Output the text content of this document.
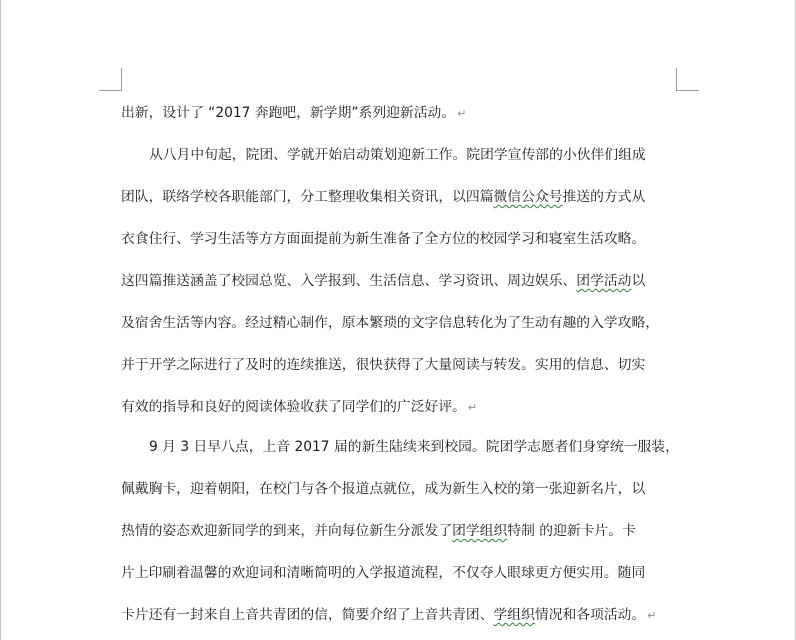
出新，设计了 “2017 奔跑吧，新学期”系列迎新活动。 ↵
从八月中旬起，院团、学就开始启动策划迎新工作。院团学宣传部的小伙伴们组成
团队，联络学校各职能部门，分工整理收集相关资讯，以四篇微信公众号推送的方式从
衣食住行、学习生活等方方面面提前为新生准备了全方位的校园学习和寝室生活攻略。
这四篇推送涵盖了校园总览、入学报到、生活信息、学习资讯、周边娱乐、团学活动以
及宿舍生活等内容。经过精心制作，原本繁琐的文字信息转化为了生动有趣的入学攻略，
并于开学之际进行了及时的连续推送，很快获得了大量阅读与转发。实用的信息、切实
有效的指导和良好的阅读体验收获了同学们的广泛好评。 ↵
9 月 3 日早八点，上音 2017 届的新生陆续来到校园。院团学志愿者们身穿统一服装，
佩戴胸卡，迎着朝阳，在校门与各个报道点就位，成为新生入校的第一张迎新名片，以
热情的姿态欢迎新同学的到来，并向每位新生分派发了团学组织特制 的迎新卡片。卡
片上印刷着温馨的欢迎词和清晰简明的入学报道流程，不仅夺人眼球更方便实用。随同
卡片还有一封来自上音共青团的信，简要介绍了上音共青团、学组织情况和各项活动。 ↵
